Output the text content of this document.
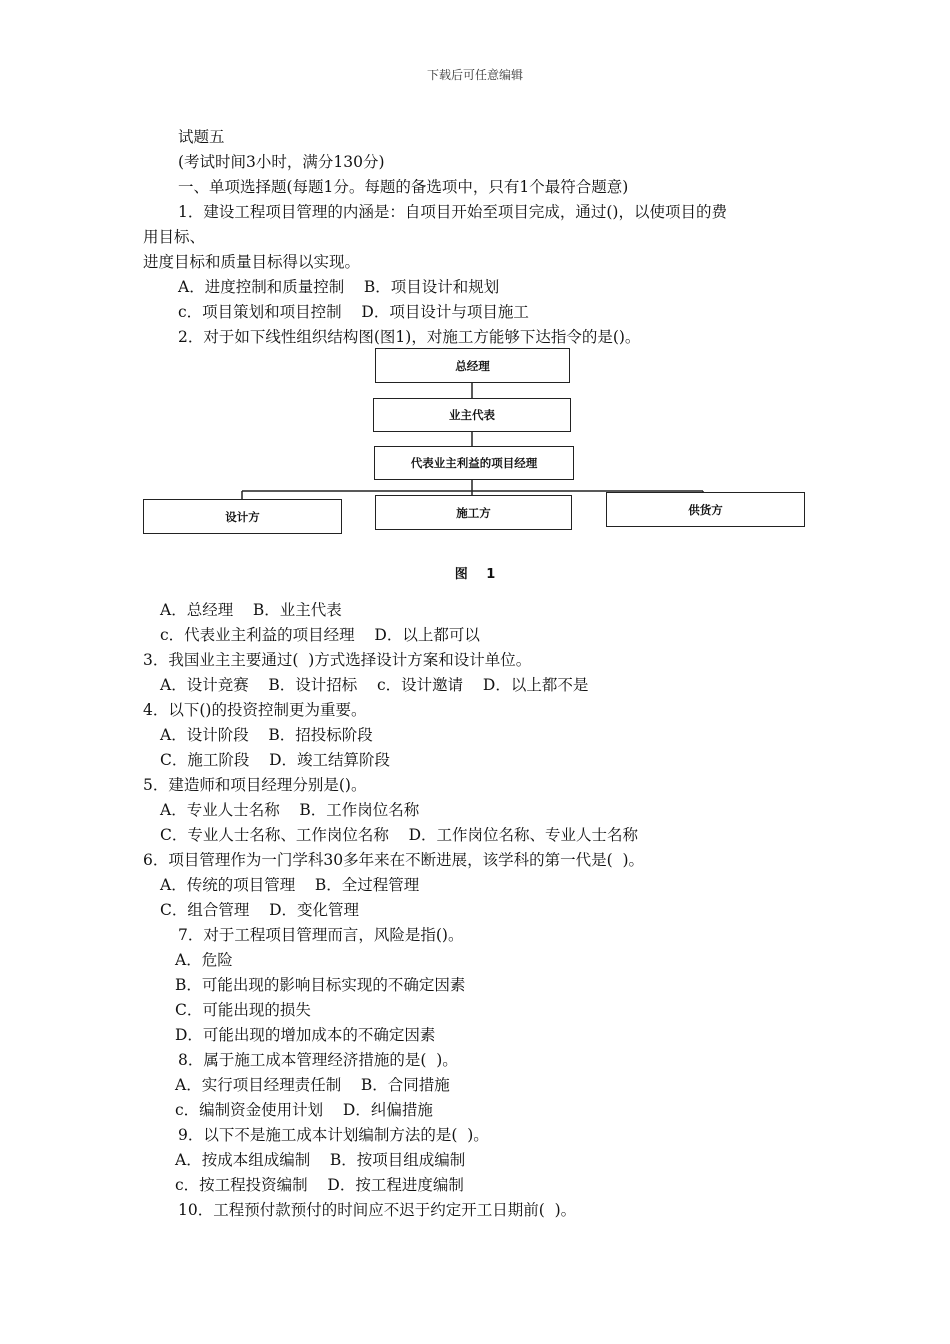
下载后可任意编辑
试题五
(考试时间3小时，满分130分)
一、单项选择题(每题1分。每题的备选项中，只有1个最符合题意)
1．建设工程项目管理的内涵是：自项目开始至项目完成，通过()，以使项目的费
用目标、
进度目标和质量目标得以实现。
A．进度控制和质量控制    B．项目设计和规划
c．项目策划和项目控制    D．项目设计与项目施工
2．对于如下线性组织结构图(图1)，对施工方能够下达指令的是()。
总经理
业主代表
代表业主利益的项目经理
设计方	施工方	供货方
图 1
A．总经理    B．业主代表
c．代表业主利益的项目经理    D．以上都可以
3．我国业主主要通过(  )方式选择设计方案和设计单位。
A．设计竞赛    B．设计招标    c．设计邀请    D．以上都不是
4．以下()的投资控制更为重要。
A．设计阶段    B．招投标阶段
C．施工阶段    D．竣工结算阶段
5．建造师和项目经理分别是()。
A．专业人士名称    B．工作岗位名称
C．专业人士名称、工作岗位名称    D．工作岗位名称、专业人士名称
6．项目管理作为一门学科30多年来在不断进展，该学科的第一代是(  )。
A．传统的项目管理    B．全过程管理
C．组合管理    D．变化管理
7．对于工程项目管理而言，风险是指()。
A．危险
B．可能出现的影响目标实现的不确定因素
C．可能出现的损失
D．可能出现的增加成本的不确定因素
8．属于施工成本管理经济措施的是(  )。
A．实行项目经理责任制    B．合同措施
c．编制资金使用计划    D．纠偏措施
9．以下不是施工成本计划编制方法的是(  )。
A．按成本组成编制    B．按项目组成编制
c．按工程投资编制    D．按工程进度编制
10．工程预付款预付的时间应不迟于约定开工日期前(  )。
